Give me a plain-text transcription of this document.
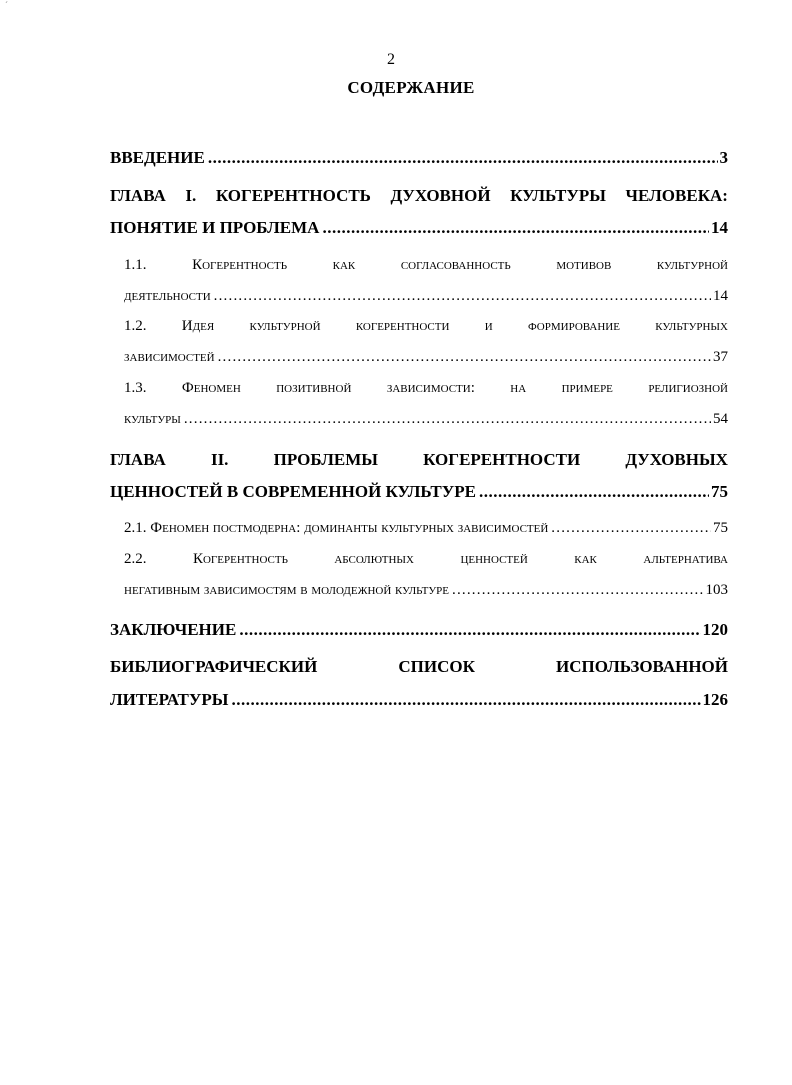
´
2
СОДЕРЖАНИЕ
ВВЕДЕНИЕ .....	3
ГЛАВА I. КОГЕРЕНТНОСТЬ ДУХОВНОЙ КУЛЬТУРЫ ЧЕЛОВЕКА:
ПОНЯТИЕ И ПРОБЛЕМА .....	14
1.1.	Когерентность	как	согласованность	мотивов	культурной
деятельности .....	14
1.2. Идея культурной когерентности и формирование культурных
зависимостей .....	37
1.3. Феномен позитивной зависимости: на примере религиозной
культуры .....	54
ГЛАВА	II.	ПРОБЛЕМЫ	КОГЕРЕНТНОСТИ	ДУХОВНЫХ
ЦЕННОСТЕЙ В СОВРЕМЕННОЙ КУЛЬТУРЕ .....	75
2.1. Феномен постмодерна: доминанты культурных зависимостей .....	75
2.2.	Когерентность	абсолютных	ценностей	как	альтернатива
негативным зависимостям в молодежной культуре .....	103
ЗАКЛЮЧЕНИЕ .....	120
БИБЛИОГРАФИЧЕСКИЙ	СПИСОК	ИСПОЛЬЗОВАННОЙ
ЛИТЕРАТУРЫ .....	126
